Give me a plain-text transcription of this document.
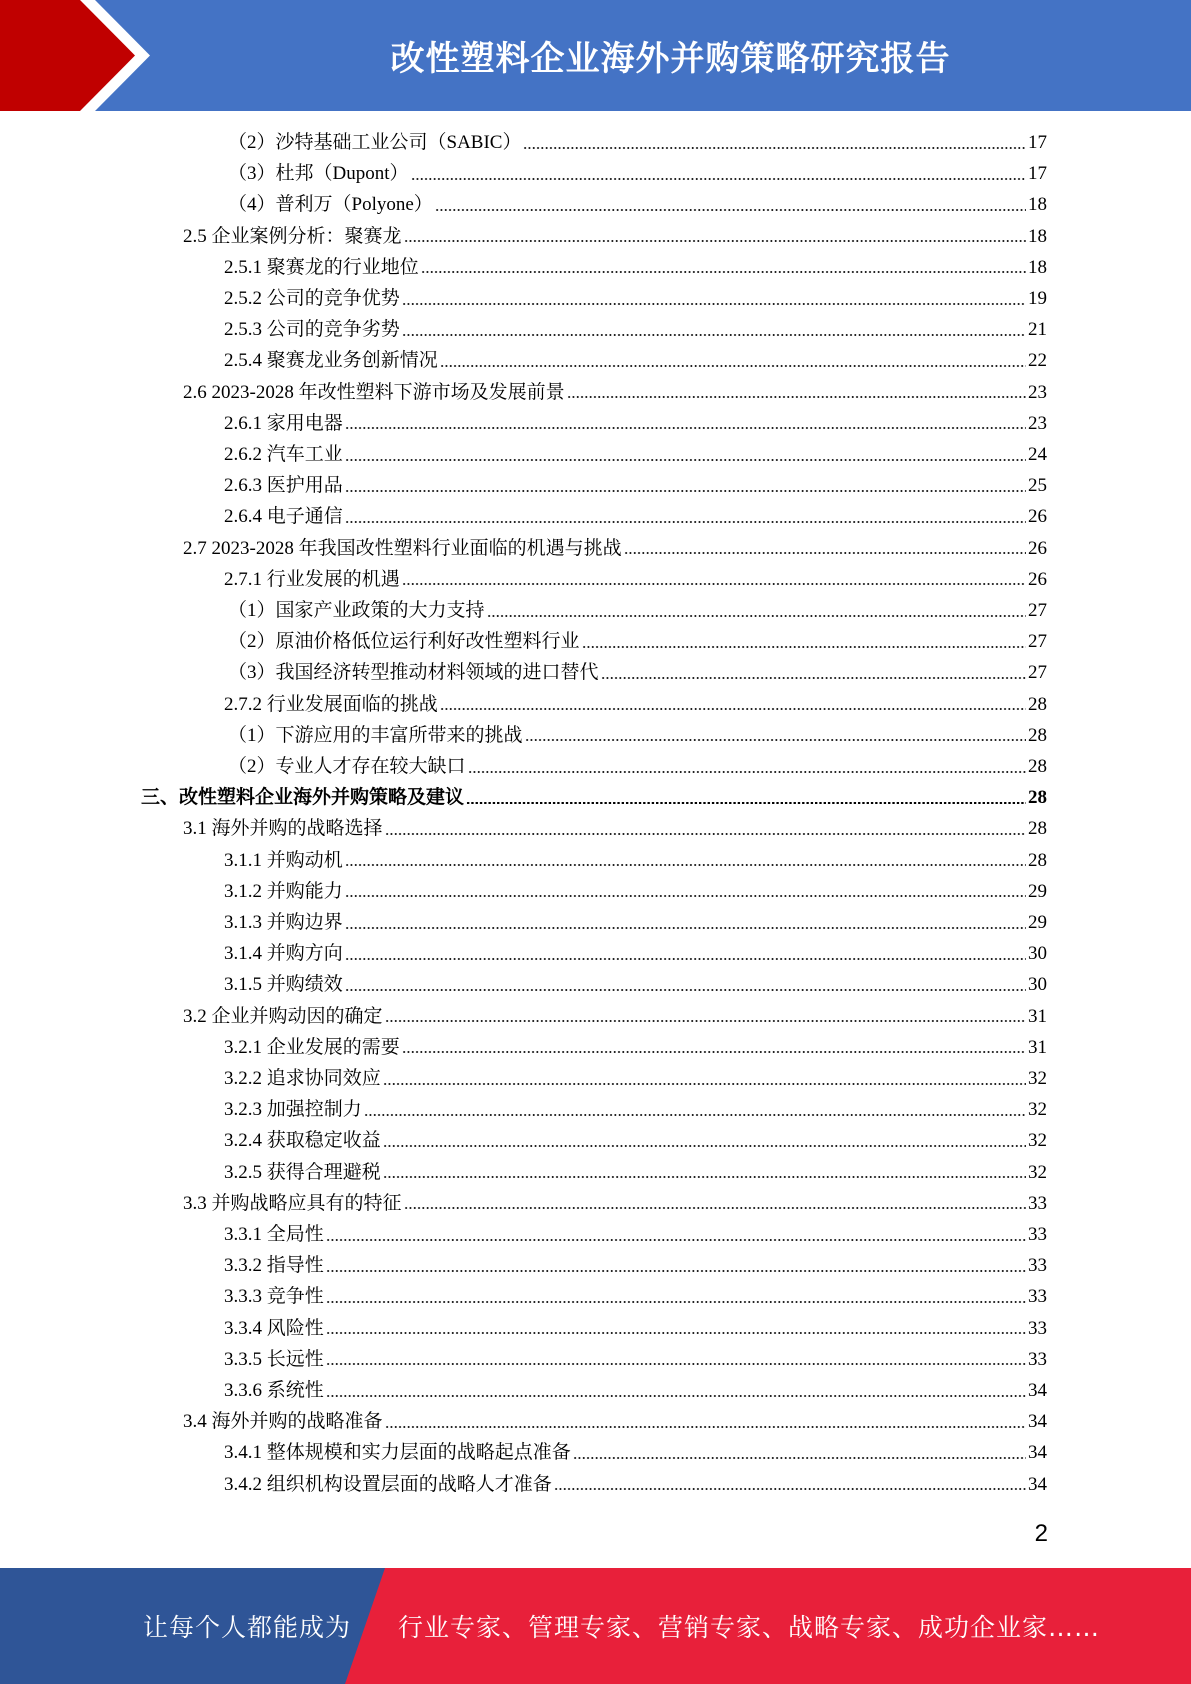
改性塑料企业海外并购策略研究报告
（2）沙特基础工业公司（SABIC）	17
（3）杜邦（Dupont）	17
（4）普利万（Polyone）	18
2.5 企业案例分析：聚赛龙	18
2.5.1 聚赛龙的行业地位	18
2.5.2 公司的竞争优势	19
2.5.3 公司的竞争劣势	21
2.5.4 聚赛龙业务创新情况	22
2.6 2023-2028 年改性塑料下游市场及发展前景	23
2.6.1 家用电器	23
2.6.2 汽车工业	24
2.6.3 医护用品	25
2.6.4 电子通信	26
2.7 2023-2028 年我国改性塑料行业面临的机遇与挑战	26
2.7.1 行业发展的机遇	26
（1）国家产业政策的大力支持	27
（2）原油价格低位运行利好改性塑料行业	27
（3）我国经济转型推动材料领域的进口替代	27
2.7.2 行业发展面临的挑战	28
（1）下游应用的丰富所带来的挑战	28
（2）专业人才存在较大缺口	28
三、改性塑料企业海外并购策略及建议	28
3.1 海外并购的战略选择	28
3.1.1 并购动机	28
3.1.2 并购能力	29
3.1.3 并购边界	29
3.1.4 并购方向	30
3.1.5 并购绩效	30
3.2 企业并购动因的确定	31
3.2.1 企业发展的需要	31
3.2.2 追求协同效应	32
3.2.3 加强控制力	32
3.2.4 获取稳定收益	32
3.2.5 获得合理避税	32
3.3 并购战略应具有的特征	33
3.3.1 全局性	33
3.3.2 指导性	33
3.3.3 竞争性	33
3.3.4 风险性	33
3.3.5 长远性	33
3.3.6 系统性	34
3.4 海外并购的战略准备	34
3.4.1 整体规模和实力层面的战略起点准备	34
3.4.2 组织机构设置层面的战略人才准备	34
2
让每个人都能成为 行业专家、管理专家、营销专家、战略专家、成功企业家……
